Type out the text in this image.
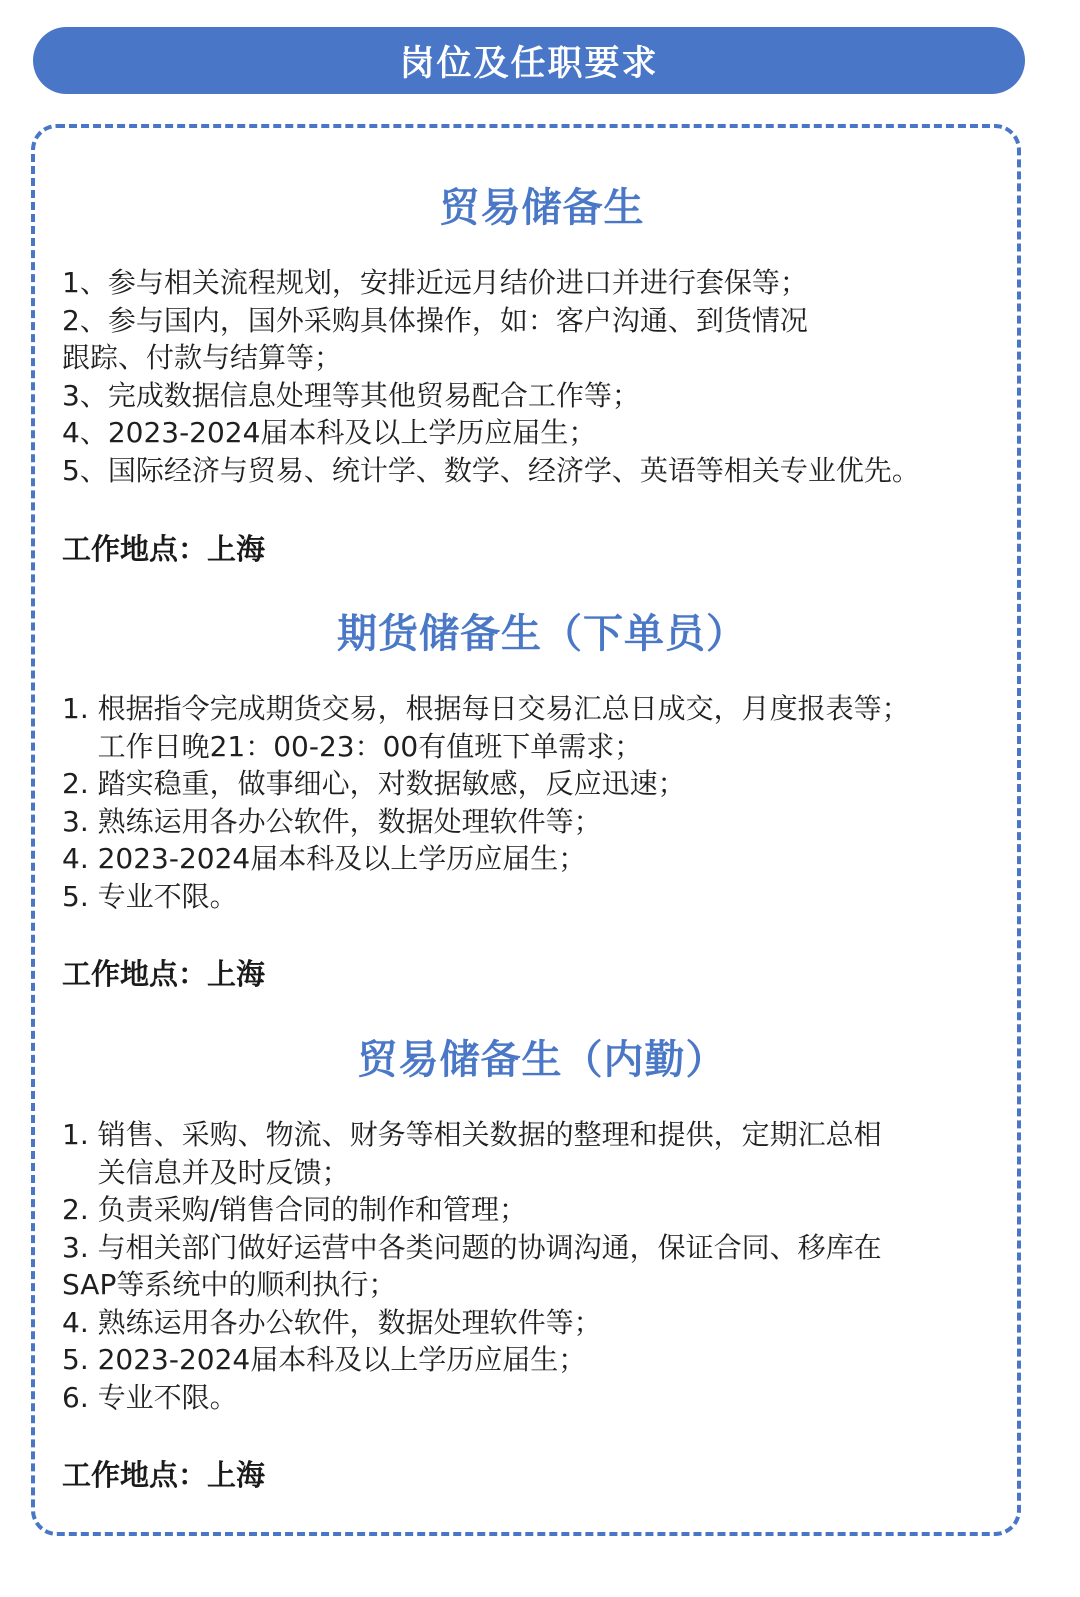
岗位及任职要求
贸易储备生
1、参与相关流程规划，安排近远月结价进口并进行套保等；
2、参与国内，国外采购具体操作，如：客户沟通、到货情况
跟踪、付款与结算等；
3、完成数据信息处理等其他贸易配合工作等；
4、2023-2024届本科及以上学历应届生；
5、国际经济与贸易、统计学、数学、经济学、英语等相关专业优先。
工作地点：上海
期货储备生（下单员）
1. 根据指令完成期货交易，根据每日交易汇总日成交，月度报表等；
工作日晚21：00-23：00有值班下单需求；
2. 踏实稳重，做事细心，对数据敏感，反应迅速；
3. 熟练运用各办公软件，数据处理软件等；
4. 2023-2024届本科及以上学历应届生；
5. 专业不限。
工作地点：上海
贸易储备生（内勤）
1. 销售、采购、物流、财务等相关数据的整理和提供，定期汇总相
关信息并及时反馈；
2. 负责采购/销售合同的制作和管理；
3. 与相关部门做好运营中各类问题的协调沟通，保证合同、移库在
SAP等系统中的顺利执行；
4. 熟练运用各办公软件，数据处理软件等；
5. 2023-2024届本科及以上学历应届生；
6. 专业不限。
工作地点：上海
